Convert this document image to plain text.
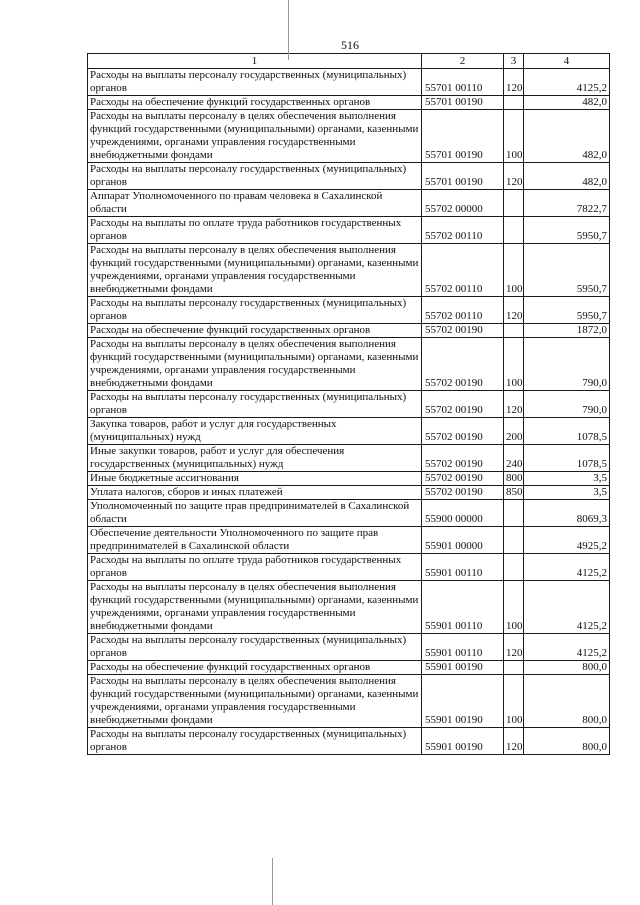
516
1	2	3	4
Расходы на выплаты персоналу государственных (муниципальных) органов	55701 00110	120	4125,2
Расходы на обеспечение функций государственных органов	55701 00190		482,0
Расходы на выплаты персоналу в целях обеспечения выполнения функций государственными (муниципальными) органами, казенными учреждениями, органами управления государственными внебюджетными фондами	55701 00190	100	482,0
Расходы на выплаты персоналу государственных (муниципальных) органов	55701 00190	120	482,0
Аппарат Уполномоченного по правам человека в Сахалинской области	55702 00000		7822,7
Расходы на выплаты по оплате труда работников государственных органов	55702 00110		5950,7
Расходы на выплаты персоналу в целях обеспечения выполнения функций государственными (муниципальными) органами, казенными учреждениями, органами управления государственными внебюджетными фондами	55702 00110	100	5950,7
Расходы на выплаты персоналу государственных (муниципальных) органов	55702 00110	120	5950,7
Расходы на обеспечение функций государственных органов	55702 00190		1872,0
Расходы на выплаты персоналу в целях обеспечения выполнения функций государственными (муниципальными) органами, казенными учреждениями, органами управления государственными внебюджетными фондами	55702 00190	100	790,0
Расходы на выплаты персоналу государственных (муниципальных) органов	55702 00190	120	790,0
Закупка товаров, работ и услуг для государственных (муниципальных) нужд	55702 00190	200	1078,5
Иные закупки товаров, работ и услуг для обеспечения государственных (муниципальных) нужд	55702 00190	240	1078,5
Иные бюджетные ассигнования	55702 00190	800	3,5
Уплата налогов, сборов и иных платежей	55702 00190	850	3,5
Уполномоченный по защите прав предпринимателей в Сахалинской области	55900 00000		8069,3
Обеспечение деятельности Уполномоченного по защите прав предпринимателей в Сахалинской области	55901 00000		4925,2
Расходы на выплаты по оплате труда работников государственных органов	55901 00110		4125,2
Расходы на выплаты персоналу в целях обеспечения выполнения функций государственными (муниципальными) органами, казенными учреждениями, органами управления государственными внебюджетными фондами	55901 00110	100	4125,2
Расходы на выплаты персоналу государственных (муниципальных) органов	55901 00110	120	4125,2
Расходы на обеспечение функций государственных органов	55901 00190		800,0
Расходы на выплаты персоналу в целях обеспечения выполнения функций государственными (муниципальными) органами, казенными учреждениями, органами управления государственными внебюджетными фондами	55901 00190	100	800,0
Расходы на выплаты персоналу государственных (муниципальных) органов	55901 00190	120	800,0
